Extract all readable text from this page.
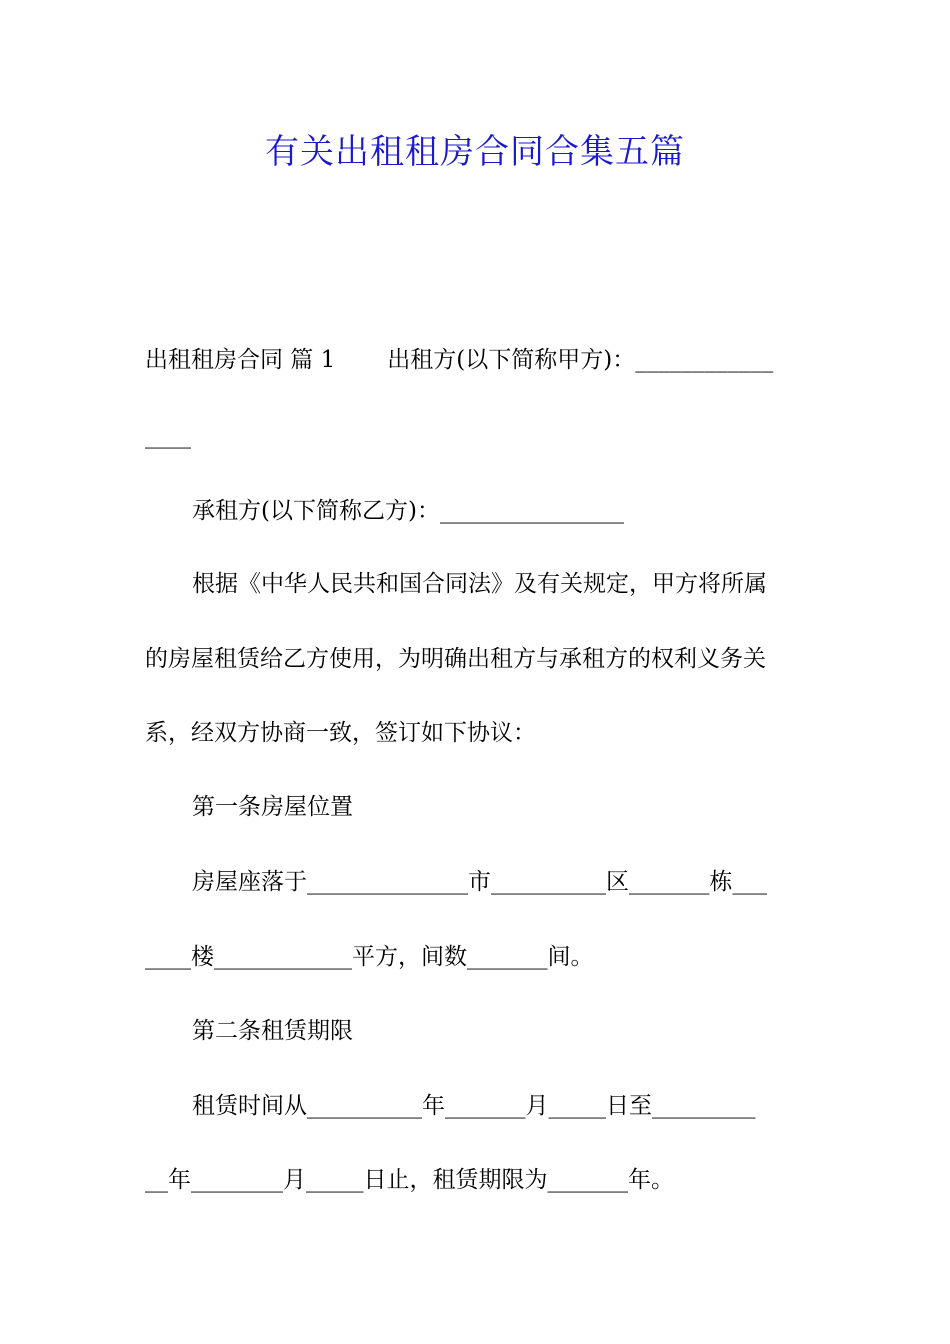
有关出租租房合同合集五篇

出租租房合同 篇 1 出租方(以下简称甲方)：____________

____

承租方(以下简称乙方)：________________

根据《中华人民共和国合同法》及有关规定，甲方将所属

的房屋租赁给乙方使用，为明确出租方与承租方的权利义务关

系，经双方协商一致，签订如下协议：

第一条房屋位置

房屋座落于______________市__________区_______栋___

____楼____________平方，间数_______间。

第二条租赁期限

租赁时间从__________年_______月_____日至_________

__年________月_____日止，租赁期限为_______年。
